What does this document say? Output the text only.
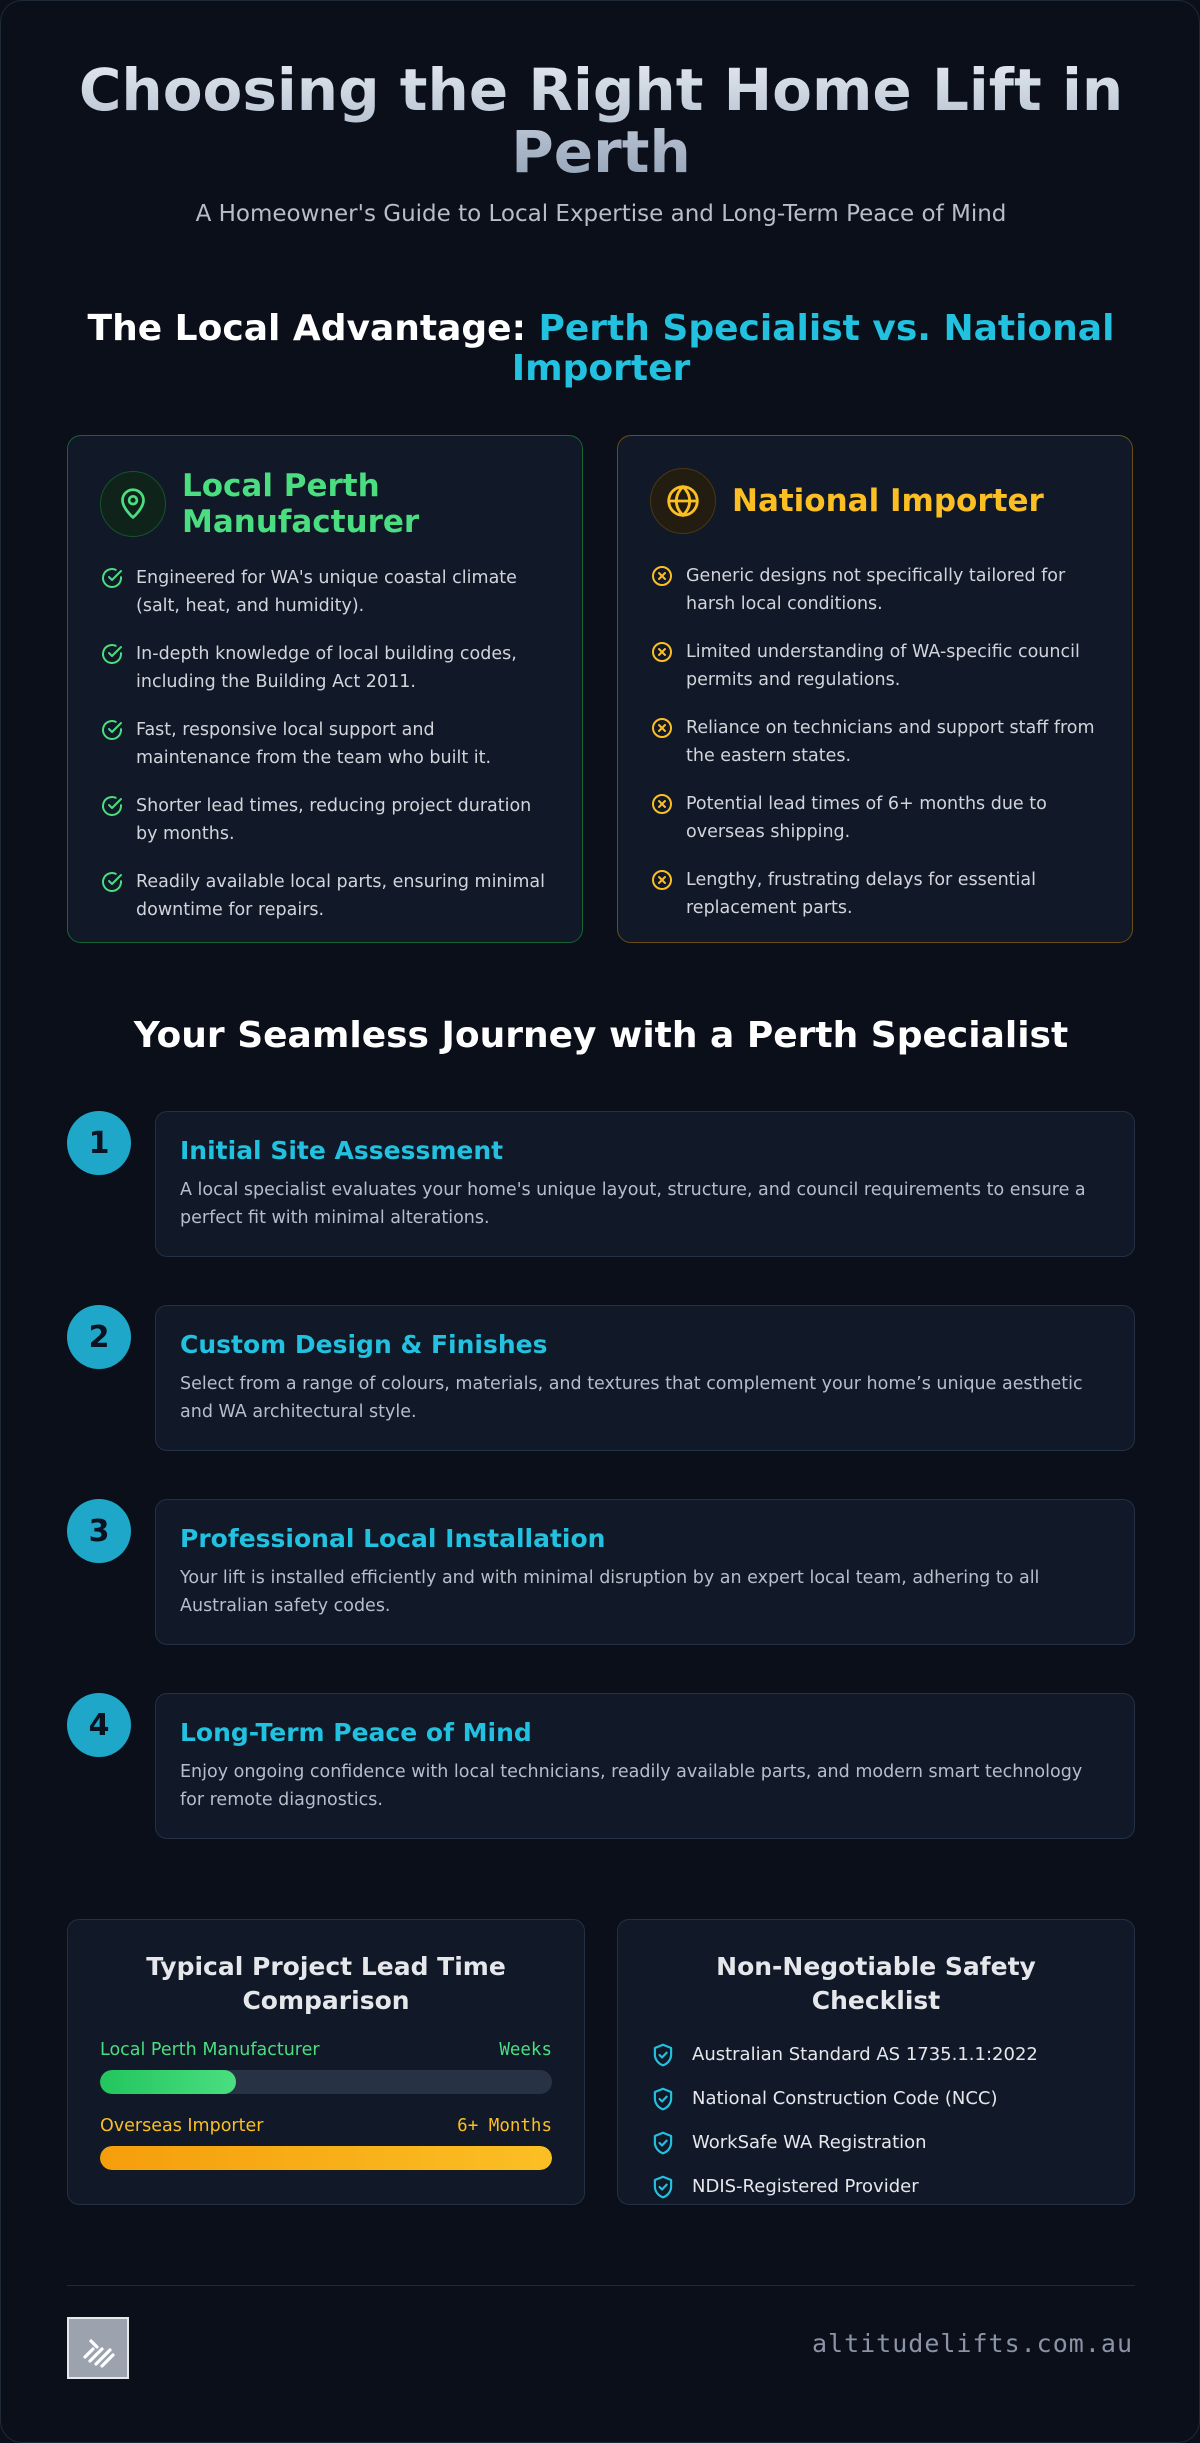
Choosing the Right Home Lift in Perth

A Homeowner's Guide to Local Expertise and Long-Term Peace of Mind

The Local Advantage: Perth Specialist vs. National Importer
Local Perth Manufacturer
Engineered for WA's unique coastal climate (salt, heat, and humidity).
In-depth knowledge of local building codes, including the Building Act 2011.
Fast, responsive local support and maintenance from the team who built it.
Shorter lead times, reducing project duration by months.
Readily available local parts, ensuring minimal downtime for repairs.
National Importer
Generic designs not specifically tailored for harsh local conditions.
Limited understanding of WA-specific council permits and regulations.
Reliance on technicians and support staff from the eastern states.
Potential lead times of 6+ months due to overseas shipping.
Lengthy, frustrating delays for essential replacement parts.
Your Seamless Journey with a Perth Specialist
1	Initial Site Assessment
A local specialist evaluates your home's unique layout, structure, and council requirements to ensure a perfect fit with minimal alterations.
2	Custom Design & Finishes
Select from a range of colours, materials, and textures that complement your home’s unique aesthetic and WA architectural style.
3	Professional Local Installation
Your lift is installed efficiently and with minimal disruption by an expert local team, adhering to all Australian safety codes.
4	Long-Term Peace of Mind
Enjoy ongoing confidence with local technicians, readily available parts, and modern smart technology for remote diagnostics.
Typical Project Lead Time Comparison
Local Perth Manufacturer	Weeks
Overseas Importer	6+ Months
Non-Negotiable Safety Checklist
Australian Standard AS 1735.1.1:2022
National Construction Code (NCC)
WorkSafe WA Registration
NDIS-Registered Provider
altitudelifts.com.au
